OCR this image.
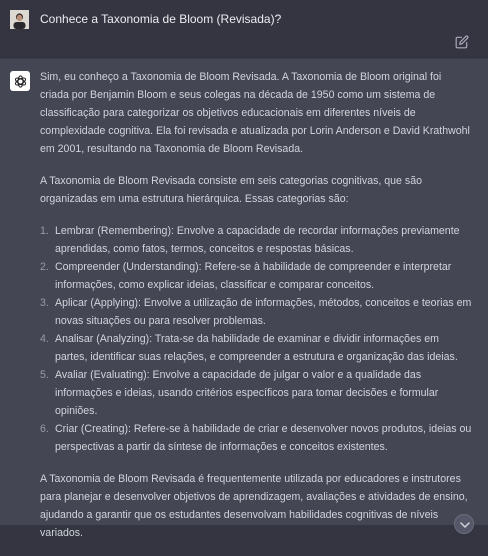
Conhece a Taxonomia de Bloom (Revisada)?

Sim, eu conheço a Taxonomia de Bloom Revisada. A Taxonomia de Bloom original foi criada por Benjamin Bloom e seus colegas na década de 1950 como um sistema de classificação para categorizar os objetivos educacionais em diferentes níveis de complexidade cognitiva. Ela foi revisada e atualizada por Lorin Anderson e David Krathwohl em 2001, resultando na Taxonomia de Bloom Revisada.

A Taxonomia de Bloom Revisada consiste em seis categorias cognitivas, que são organizadas em uma estrutura hierárquica. Essas categorias são:

1. Lembrar (Remembering): Envolve a capacidade de recordar informações previamente aprendidas, como fatos, termos, conceitos e respostas básicas.
2. Compreender (Understanding): Refere-se à habilidade de compreender e interpretar informações, como explicar ideias, classificar e comparar conceitos.
3. Aplicar (Applying): Envolve a utilização de informações, métodos, conceitos e teorias em novas situações ou para resolver problemas.
4. Analisar (Analyzing): Trata-se da habilidade de examinar e dividir informações em partes, identificar suas relações, e compreender a estrutura e organização das ideias.
5. Avaliar (Evaluating): Envolve a capacidade de julgar o valor e a qualidade das informações e ideias, usando critérios específicos para tomar decisões e formular opiniões.
6. Criar (Creating): Refere-se à habilidade de criar e desenvolver novos produtos, ideias ou perspectivas a partir da síntese de informações e conceitos existentes.

A Taxonomia de Bloom Revisada é frequentemente utilizada por educadores e instrutores para planejar e desenvolver objetivos de aprendizagem, avaliações e atividades de ensino, ajudando a garantir que os estudantes desenvolvam habilidades cognitivas de níveis variados.
